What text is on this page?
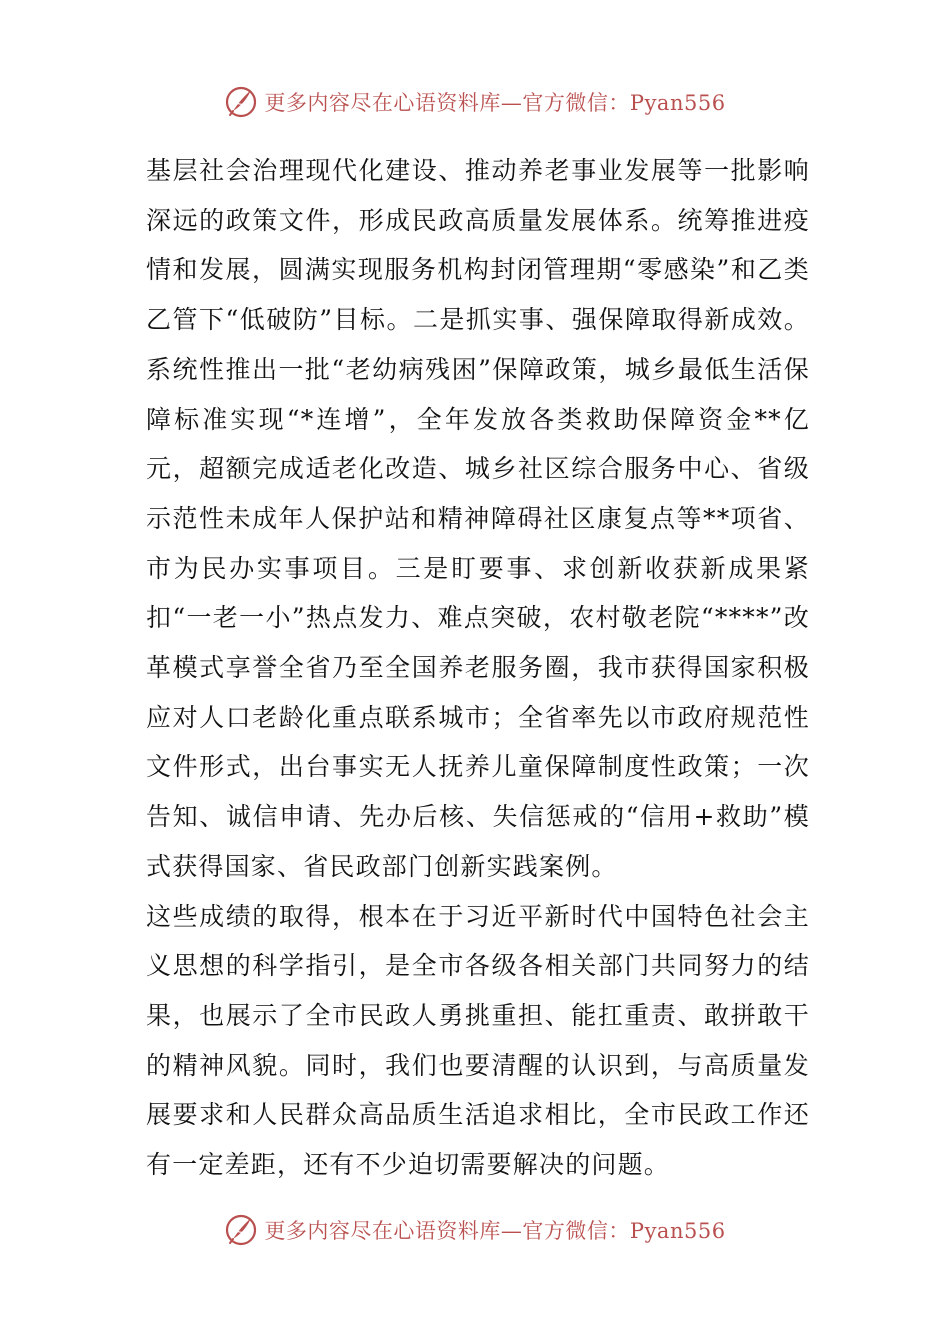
更多内容尽在心语资料库—官方微信：Pyan556

基层社会治理现代化建设、推动养老事业发展等一批影响深远的政策文件，形成民政高质量发展体系。统筹推进疫情和发展，圆满实现服务机构封闭管理期“零感染”和乙类乙管下“低破防”目标。二是抓实事、强保障取得新成效。系统性推出一批“老幼病残困”保障政策，城乡最低生活保障标准实现“*连增”，全年发放各类救助保障资金**亿元，超额完成适老化改造、城乡社区综合服务中心、省级示范性未成年人保护站和精神障碍社区康复点等**项省、市为民办实事项目。三是盯要事、求创新收获新成果紧扣“一老一小”热点发力、难点突破，农村敬老院“****”改革模式享誉全省乃至全国养老服务圈，我市获得国家积极应对人口老龄化重点联系城市；全省率先以市政府规范性文件形式，出台事实无人抚养儿童保障制度性政策；一次告知、诚信申请、先办后核、失信惩戒的“信用+救助”模式获得国家、省民政部门创新实践案例。

这些成绩的取得，根本在于习近平新时代中国特色社会主义思想的科学指引，是全市各级各相关部门共同努力的结果，也展示了全市民政人勇挑重担、能扛重责、敢拼敢干的精神风貌。同时，我们也要清醒的认识到，与高质量发展要求和人民群众高品质生活追求相比，全市民政工作还有一定差距，还有不少迫切需要解决的问题。

更多内容尽在心语资料库—官方微信：Pyan556
